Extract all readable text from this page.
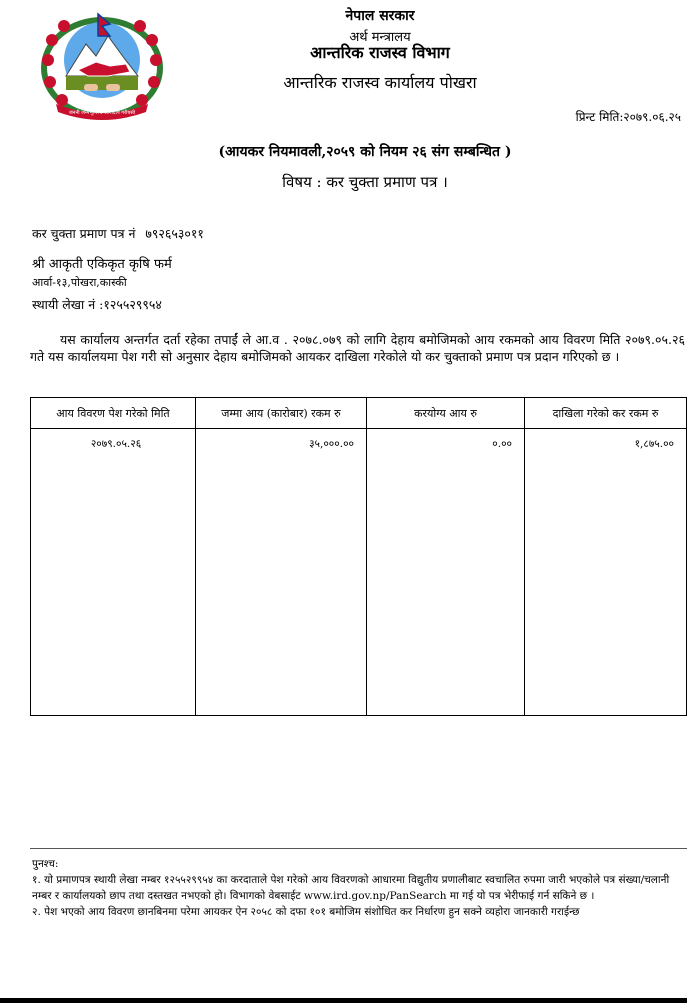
जननी जन्मभूमिश्च स्वर्गादपि गरीयसी
नेपाल सरकार
अर्थ मन्त्रालय
आन्तरिक राजस्व विभाग
आन्तरिक राजस्व कार्यालय पोखरा
प्रिन्ट मिति:२०७९.०६.२५
(आयकर नियमावली,२०५९ को नियम २६ संग सम्बन्धित )
विषय : कर चुक्ता प्रमाण पत्र ।
कर चुक्ता प्रमाण पत्र नं ७९२६५३०११
श्री आकृती एकिकृत कृषि फर्म
आर्वा-१३,पोखरा,कास्की
स्थायी लेखा नं :१२५५२९९५४
यस कार्यालय अन्तर्गत दर्ता रहेका तपाईं ले आ.व . २०७८.०७९ को लागि देहाय बमोजिमको आय रकमको आय विवरण मिति २०७९.०५.२६ गते यस कार्यालयमा पेश गरी सो अनुसार देहाय बमोजिमको आयकर दाखिला गरेकोले यो कर चुक्ताको प्रमाण पत्र प्रदान गरिएको छ ।
आय विवरण पेश गरेको मिति	जम्मा आय (कारोबार) रकम रु	करयोग्य आय रु	दाखिला गरेको कर रकम रु
२०७९.०५.२६	३५,०००.००	०.००	१,८७५.००

पुनश्च:

१. यो प्रमाणपत्र स्थायी लेखा नम्बर १२५५२९९५४ का करदाताले पेश गरेको आय विवरणको आधारमा विद्युतीय प्रणालीबाट स्वचालित रुपमा जारी भएकोले पत्र संख्या/चलानी नम्बर र कार्यालयको छाप तथा दस्तखत नभएको हो। विभागको वेबसाईट www.ird.gov.np/PanSearch मा गई यो पत्र भेरीफाई गर्न सकिने छ ।

२. पेश भएको आय विवरण छानबिनमा परेमा आयकर ऐन २०५८ को दफा १०१ बमोजिम संशोधित कर निर्धारण हुन सक्ने व्यहोरा जानकारी गराईन्छ
